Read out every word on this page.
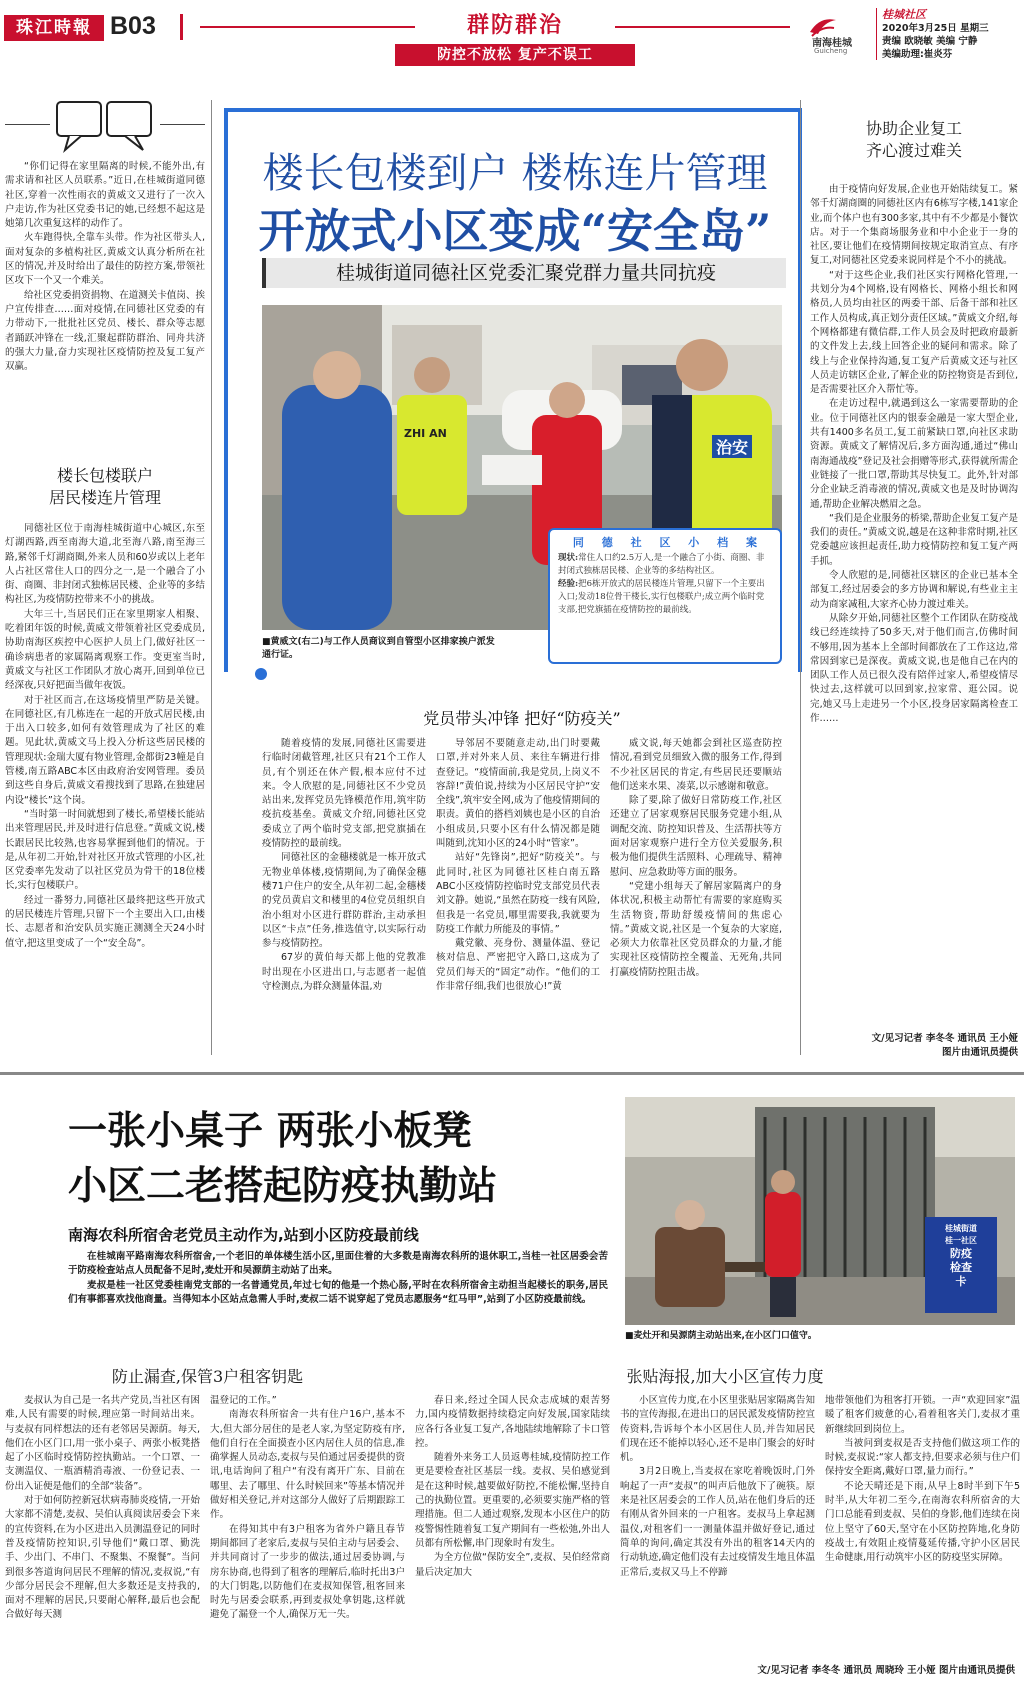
珠江時報 B03	群防群治
防控不放松 复产不误工
南海桂城
Guicheng
桂城社区
2020年3月25日 星期三
责编 欧晓敏 美编 宁静
美编助理:崔炎芬

“你们记得在家里隔离的时候,不能外出,有需求请和社区人员联系。”近日,在桂城街道同德社区,穿着一次性雨衣的黄威文又进行了一次入户走访,作为社区党委书记的她,已经想不起这是她第几次重复这样的动作了。

火车跑得快,全靠车头带。作为社区带头人,面对复杂的多植构社区,黄威文认真分析所在社区的情况,并及时给出了最佳的防控方案,带领社区攻下一个又一个难关。

给社区党委捐资捐物、在道测关卡值岗、挨户宣传排查……面对疫情,在同德社区党委的有力带动下,一批批社区党员、楼长、群众等志愿者踊跃冲锋在一线,汇聚起群防群治、同舟共济的强大力量,奋力实现社区疫情防控及复工复产双赢。

楼长包楼联户
居民楼连片管理

同德社区位于南海桂城街道中心城区,东至灯湖西路,西至南海大道,北至海八路,南至海三路,紧邻千灯湖商圈,外来人员和60岁或以上老年人占社区常住人口的四分之一,是一个融合了小街、商圈、非封闭式独栋居民楼、企业等的多结构社区,为疫情防控带来不小的挑战。

大年三十,当居民们正在家里期家人相聚、吃着团年饭的时候,黄威文带领着社区党委成员,协助南海区疾控中心医护人员上门,做好社区一确诊病患者的家属隔离观察工作。变更室当时,黄威文与社区工作团队才放心离开,回到单位已经深夜,只好把面当做年夜饭。

对于社区而言,在这场疫情里严防是关键。在同德社区,有几栋连在一起的开放式居民楼,由于出入口较多,如何有效管理成为了社区的难题。见此状,黄威文马上投入分析这些居民楼的管理现状:金瑞大厦有物业管理,金都街23幢是自管楼,南五路ABC本区由政府治安网管理。委员到这些自身后,黄威文看搜找到了思路,在独建居内设“楼长”这个岗。

“当时第一时间就想到了楼长,希望楼长能站出来管理居民,并及时进行信息登。”黄威文说,楼长跟居民比较熟,也容易掌握到他们的情况。于是,从年初二开始,针对社区开放式管理的小区,社区党委率先发动了以社区党员为骨干的18位楼长,实行包楼联户。

经过一番努力,同德社区最终把这些开放式的居民楼连片管理,只留下一个主要出入口,由楼长、志愿者和治安队员实施正测测全天24小时值守,把这里变成了一个“安全岛”。

楼长包楼到户 楼栋连片管理
开放式小区变成“安全岛”
桂城街道同德社区党委汇聚党群力量共同抗疫
ZHI AN
治安
同 德 社 区 小 档 案
现状:常住人口约2.5万人,是一个融合了小街、商圈、非封闭式独栋居民楼、企业等的多结构社区。
经验:把6栋开放式的居民楼连片管理,只留下一个主要出入口;发动18位骨干楼长,实行包楼联户;成立两个临时党支部,把党旗插在疫情防控的最前线。
■黄威文(右二)与工作人员商议到自管型小区排家挨户派发通行证。
党员带头冲锋 把好“防疫关”

随着疫情的发展,同德社区需要进行临时闭截管理,社区只有21个工作人员,有个别还在休产假,根本应付不过来。令人欣慰的是,同德社区不少党员站出来,发挥党员先锋模范作用,筑牢防疫抗疫基垒。黄威文介绍,同德社区党委成立了两个临时党支部,把党旗插在疫情防控的最前线。

同德社区的金穗楼就是一栋开放式无物业单体楼,疫情期间,为了确保金穗楼71户住户的安全,从年初二起,金穗楼的党员黄启文和楼里的4位党员组织自治小组对小区进行群防群治,主动承担以区“卡点”任务,推选值守,以实际行动参与疫情防控。

67岁的黄伯每天都上他的党教准时出现在小区进出口,与志愿者一起值守检测点,为群众测量体温,劝

导邻居不要随意走动,出门时要戴口罩,并对外来人员、来往车辆进行排查登记。“疫情面前,我是党员,上岗义不容辞!”黄伯说,持续为小区居民守护“安全线”,筑牢安全网,成为了他疫情期间的职责。黄伯的搭档刘姨也是小区的自治小组成员,只要小区有什么情况都是随叫随到,沈知小区的24小时“管家”。

站好“先锋岗”,把好“防疫关”。与此同时,社区为同德社区桂白南五路ABC小区疫情防控临时党支部党员代表刘文静。她说,“虽然在防疫一线有风险,但我是一名党员,哪里需要我,我就要为防疫工作献力所能及的事情。”

戴党徽、亮身份、测量体温、登记核对信息、严密把守入路口,这成为了党员们每天的“固定”动作。“他们的工作非常仔细,我们也很放心!”黄

威文说,每天她都会到社区巡查防控情况,看到党员细致入微的服务工作,得到不少社区居民的肯定,有些居民还要顺站他们送来水果、凑菜,以示感谢和敬意。

除了要,除了做好日常防疫工作,社区还建立了居家观察居民服务党建小组,从调配交流、防控知识普及、生活帮扶等方面对居家观察户进行全方位关爱服务,积极为他们提供生活照料、心理疏导、精神慰问、应急救助等方面的服务。

“党建小组每天了解居家隔离户的身体状况,积极主动帮忙有需要的家庭购买生活物资,帮助舒缓疫情间的焦虑心情。”黄威文说,社区是一个复杂的大家庭,必须大力依靠社区党员群众的力量,才能实现社区疫情防控全覆盖、无死角,共同打赢疫情防控阻击战。

协助企业复工
齐心渡过难关

由于疫情向好发展,企业也开始陆续复工。紧邻千灯湖商圈的同德社区内有6栋写字楼,141家企业,而个体户也有300多家,其中有不少都是小餐饮店。对于一个集商场服务业和中小企业于一身的社区,要让他们在疫情期间按规定取消宣点、有序复工,对同德社区党委来说同样是个不小的挑战。

“对于这些企业,我们社区实行网格化管理,一共划分为4个网格,设有网格长、网格小组长和网格员,人员均由社区的两委干部、后备干部和社区工作人员构成,真正划分责任区域。”黄威文介绍,每个网格都建有微信群,工作人员会及时把政府最新的文件发上去,线上回答企业的疑问和需求。除了线上与企业保持沟通,复工复产后黄威文还与社区人员走访辖区企业,了解企业的防控物资是否到位,是否需要社区介入帮忙等。

在走访过程中,就遇到这么一家需要帮助的企业。位于同德社区内的银泰金融是一家大型企业,共有1400多名员工,复工前紧缺口罩,向社区求助资源。黄威文了解情况后,多方面沟通,通过“佛山南海通战疫”登记及社会捐赠等形式,获得就所需企业链接了一批口罩,帮助其尽快复工。此外,针对部分企业缺乏消毒液的情况,黄威文也是及时协调沟通,帮助企业解决燃眉之急。

“我们是企业服务的桥梁,帮助企业复工复产是我们的责任。”黄威文说,越是在这种非常时期,社区党委越应该担起责任,助力疫情防控和复工复产两手抓。

令人欣慰的是,同德社区辖区的企业已基本全部复工,经过居委会的多方协调和解说,有些业主主动为商家减租,大家齐心协力渡过难关。

从除夕开始,同德社区整个工作团队在防疫战线已经连续持了50多天,对于他们而言,仿佛时间不够用,因为基本上全部时间都放在了工作这边,常常因到家已是深夜。黄威文说,也是他自己在内的团队工作人员已很久没有陪伴过家人,希望疫情尽快过去,这样就可以回到家,拉家常、逛公园。说完,她又马上走进另一个小区,投身居家隔离检查工作……

文/见习记者 李冬冬 通讯员 王小娅
图片由通讯员提供
一张小桌子 两张小板凳
小区二老搭起防疫执勤站
南海农科所宿舍老党员主动作为,站到小区防疫最前线

在桂城南平路南海农科所宿舍,一个老旧的单体楼生活小区,里面住着的大多数是南海农科所的退休职工,当桂一社区居委会苦于防疫检查站点人员配备不足时,麦灶开和吴源荫主动站了出来。

麦叔是桂一社区党委桂南党支部的一名普通党员,年过七旬的他是一个热心肠,平时在农科所宿舍主动担当起楼长的职务,居民们有事都喜欢找他商量。当得知本小区站点急需人手时,麦叔二话不说穿起了党员志愿服务“红马甲”,站到了小区防疫最前线。

桂城街道
桂一社区
防疫
检查
卡
■麦灶开和吴源荫主动站出来,在小区门口值守。
防止漏查,保管3户租客钥匙	张贴海报,加大小区宣传力度

麦叔认为自己是一名共产党员,当社区有困难,人民有需要的时候,理应第一时间站出来。与麦叔有同样想法的还有老邻居吴源荫。每天,他们在小区门口,用一张小桌子、两张小板凳搭起了小区临时疫情防控执勤站。一个口罩、一支测温仪、一瓶酒精消毒液、一份登记表、一份出入证便是他们的全部“装备”。

对于如何防控新冠状病毒肺炎疫情,一开始大家都不清楚,麦叔、吴伯认真阅读居委会下来的宣传资料,在为小区进出入员测温登记的同时普及疫情防控知识,引导他们“戴口罩、勤洗手、少出门、不串门、不聚集、不聚餐”。当问到很多答道询问居民不理解的情况,麦叔说,“有少部分居民会不理解,但大多数还是支持我的,面对不理解的居民,只要耐心解释,最后也会配合做好每天测

温登记的工作。”

南海农科所宿舍一共有住户16户,基本不大,但大部分居住的是老人家,为坚定防疫有序,他们自行在全面摸查小区内居住人员的信息,准确掌握人员动态,麦叔与吴伯通过居委提供的资讯,电话询问了租户“有没有离开广东、目前在哪里、去了哪里、什么时候回来”等基本情况并做好相关登记,并对这部分人做好了后期跟踪工作。

在得知其中有3户租客为省外户籍且春节期间都回了老家后,麦叔与吴伯主动与居委会、并共同商讨了一步步的做法,通过居委协调,与房东协商,也得到了租客的理解后,临时托出3户的大门钥匙,以防他们在麦叔知保管,租客回来时先与居委会联系,再到麦叔处拿钥匙,这样就避免了漏登一个人,确保万无一失。

春日来,经过全国人民众志成城的艰苦努力,国内疫情数据持续稳定向好发展,国家陆续应各行各业复工复产,各地陆续地解除了卡口管控。

随着外来务工人员返粤桂城,疫情防控工作更是要检查社区基层一线。麦叔、吴伯感觉到是在这种时候,越要做好防控,不能松懈,坚持自己的执勤位置。更重要的,必须要实施严格的管理措施。但二人通过观察,发现本小区住户的防疫警惕性随着复工复产期间有一些松弛,外出人员都有所松懈,串门现象时有发生。

为全方位做“保防安全”,麦叔、吴伯经常商量后决定加大

小区宣传力度,在小区里张贴居家隔离告知书的宣传海报,在进出口的居民派发疫情防控宣传资料,告诉每个本小区居住人员,并告知居民们现在还不能掉以轻心,还不是串门聚会的好时机。

3月2日晚上,当麦叔在家吃着晚饭时,门外响起了一声“麦叔”的叫声后他放下了碗筷。原来是社区居委会的工作人员,站在他们身后的还有刚从省外回来的一户租客。麦叔马上拿起测温仪,对租客们一一测量体温并做好登记,通过简单的询问,确定其没有外出的租客14天内的行动轨迹,确定他们没有去过疫情发生地且体温正常后,麦叔又马上不停蹄

地带领他们为租客打开锁。一声“欢迎回家”温暖了租客们疲惫的心,看着租客关门,麦叔才重新继续回到岗位上。

当被问到麦叔是否支持他们做这项工作的时候,麦叔说:“家人都支持,但要求必须与住户们保持安全距离,戴好口罩,量力而行。”

不论天晴还是下雨,从早上8时半到下午5时半,从大年初二至今,在南海农科所宿舍的大门口总能看到麦叔、吴伯的身影,他们连续在岗位上坚守了60天,坚守在小区防控阵地,化身防疫战士,有效阻止疫情蔓延传播,守护小区居民生命健康,用行动筑牢小区的防疫坚实屏障。

文/见习记者 李冬冬 通讯员 周晓玲 王小娅 图片由通讯员提供
